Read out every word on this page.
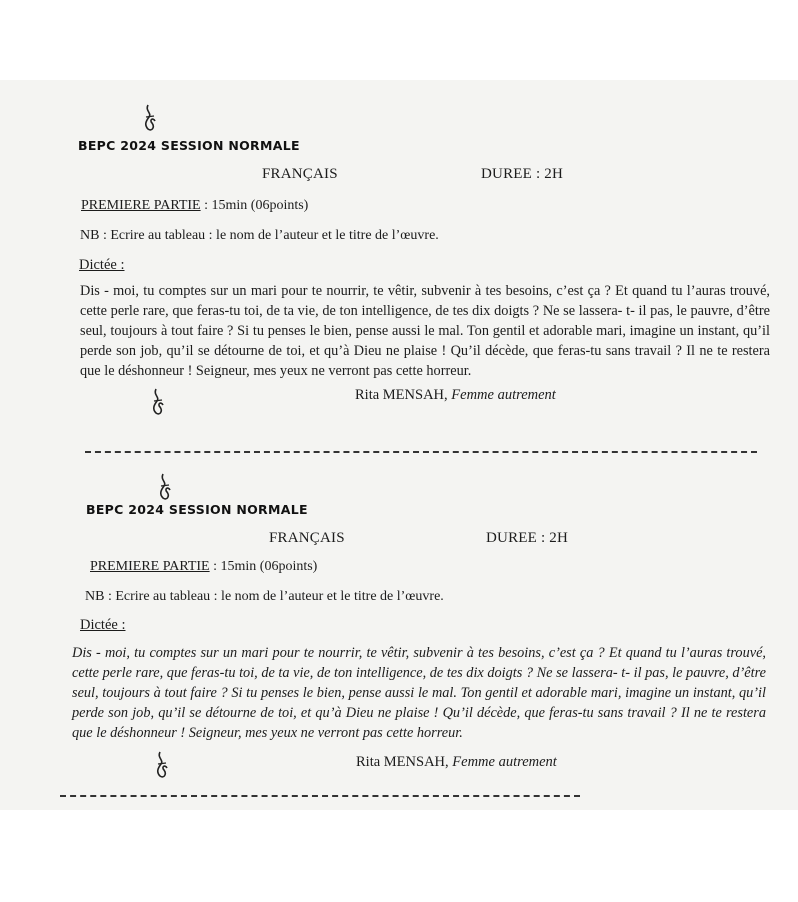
BEPC 2024 SESSION NORMALE
FRANÇAIS	DUREE : 2H
PREMIERE PARTIE : 15min (06points)
NB : Ecrire au tableau : le nom de l’auteur et le titre de l’œuvre.
Dictée :
Dis - moi, tu comptes sur un mari pour te nourrir, te vêtir, subvenir à tes besoins, c’est ça ? Et quand tu l’auras trouvé, cette perle rare, que feras-tu toi, de ta vie, de ton intelligence, de tes dix doigts ? Ne se lassera- t- il pas, le pauvre, d’être seul, toujours à tout faire ? Si tu penses le bien, pense aussi le mal. Ton gentil et adorable mari, imagine un instant, qu’il perde son job, qu’il se détourne de toi, et qu’à Dieu ne plaise ! Qu’il décède, que feras-tu sans travail ? Il ne te restera que le déshonneur ! Seigneur, mes yeux ne verront pas cette horreur.
Rita MENSAH, Femme autrement
BEPC 2024 SESSION NORMALE
FRANÇAIS	DUREE : 2H
PREMIERE PARTIE : 15min (06points)
NB : Ecrire au tableau : le nom de l’auteur et le titre de l’œuvre.
Dictée :
Dis - moi, tu comptes sur un mari pour te nourrir, te vêtir, subvenir à tes besoins, c’est ça ? Et quand tu l’auras trouvé, cette perle rare, que feras-tu toi, de ta vie, de ton intelligence, de tes dix doigts ? Ne se lassera- t- il pas, le pauvre, d’être seul, toujours à tout faire ? Si tu penses le bien, pense aussi le mal. Ton gentil et adorable mari, imagine un instant, qu’il perde son job, qu’il se détourne de toi, et qu’à Dieu ne plaise ! Qu’il décède, que feras-tu sans travail ? Il ne te restera que le déshonneur ! Seigneur, mes yeux ne verront pas cette horreur.
Rita MENSAH, Femme autrement
